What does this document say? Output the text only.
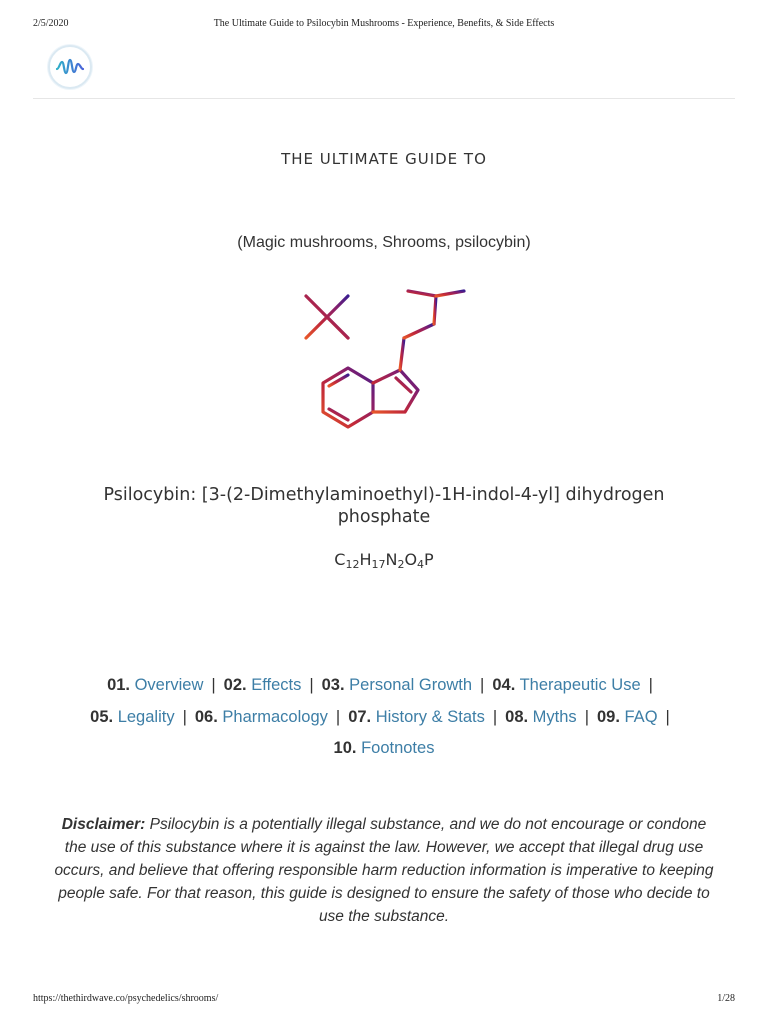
2/5/2020	The Ultimate Guide to Psilocybin Mushrooms - Experience, Benefits, & Side Effects
THE ULTIMATE GUIDE TO
(Magic mushrooms, Shrooms, psilocybin)
Psilocybin: [3-(2-Dimethylaminoethyl)-1H-indol-4-yl] dihydrogen phosphate
$C_{12}H_{17}N_2O_4P$
01. Overview | 02. Effects | 03. Personal Growth | 04. Therapeutic Use |
05. Legality | 06. Pharmacology | 07. History & Stats | 08. Myths | 09. FAQ |
10. Footnotes
Disclaimer: Psilocybin is a potentially illegal substance, and we do not encourage or condone the use of this substance where it is against the law. However, we accept that illegal drug use occurs, and believe that offering responsible harm reduction information is imperative to keeping people safe. For that reason, this guide is designed to ensure the safety of those who decide to use the substance.
https://thethirdwave.co/psychedelics/shrooms/	1/28
